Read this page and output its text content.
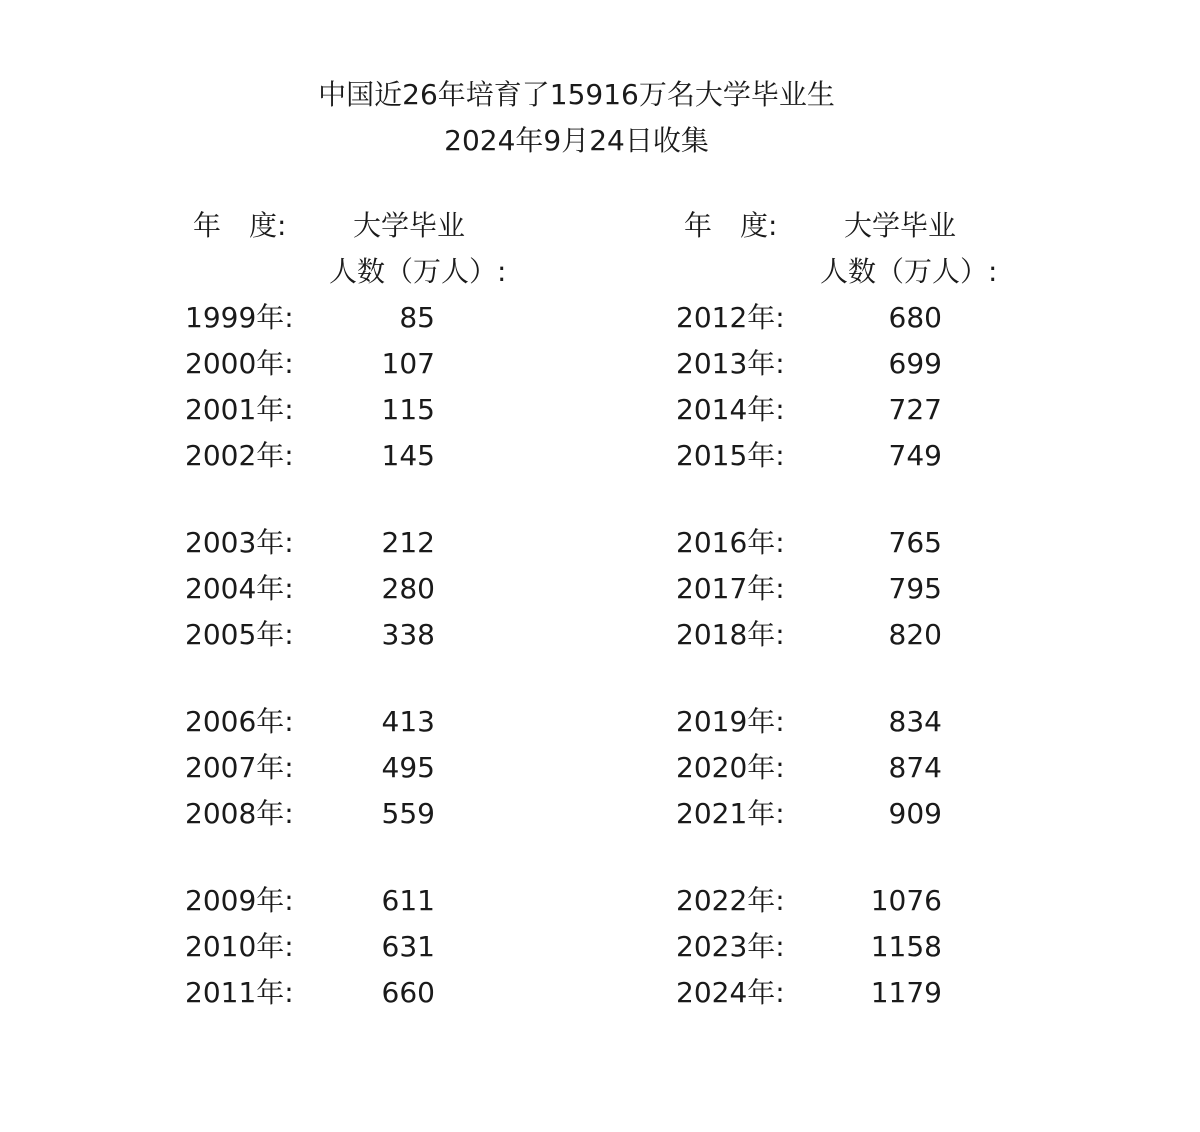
中国近26年培育了15916万名大学毕业生
2024年9月24日收集
年　度: 大学毕业
人数（万人）:
1999年:	85
2000年:	107
2001年:	115
2002年:	145
2003年:	212
2004年:	280
2005年:	338
2006年:	413
2007年:	495
2008年:	559
2009年:	611
2010年:	631
2011年:	660
年　度: 大学毕业
人数（万人）:
2012年:	680
2013年:	699
2014年:	727
2015年:	749
2016年:	765
2017年:	795
2018年:	820
2019年:	834
2020年:	874
2021年:	909
2022年:	1076
2023年:	1158
2024年:	1179
